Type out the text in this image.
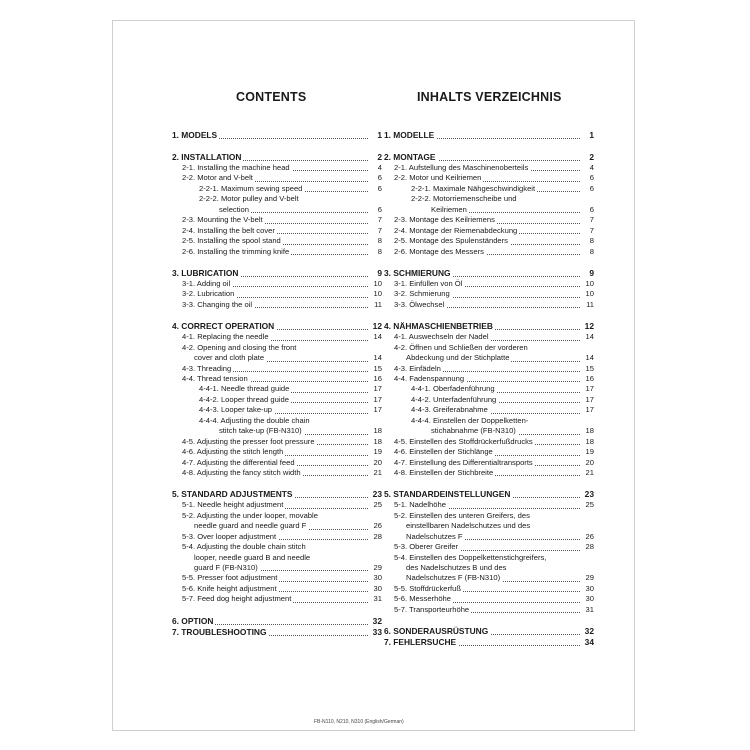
CONTENTS	INHALTS VERZEICHNIS
1. MODELS	1
2. INSTALLATION	2
2-1. Installing the machine head	4
2-2. Motor and V-belt	6
2-2-1. Maximum sewing speed	6
2-2-2. Motor pulley and V-belt
selection	6
2-3. Mounting the V-belt	7
2-4. Installing the belt cover	7
2-5. Installing the spool stand	8
2-6. Installing the trimming knife	8
3. LUBRICATION	9
3-1. Adding oil	10
3-2. Lubrication	10
3-3. Changing the oil	11
4. CORRECT OPERATION	12
4-1. Replacing the needle	14
4-2. Opening and closing the front
cover and cloth plate	14
4-3. Threading	15
4-4. Thread tension	16
4-4-1. Needle thread guide	17
4-4-2. Looper thread guide	17
4-4-3. Looper take-up	17
4-4-4. Adjusting the double chain
stitch take-up (FB-N310)	18
4-5. Adjusting the presser foot pressure	18
4-6. Adjusting the stitch length	19
4-7. Adjusting the differential feed	20
4-8. Adjusting the fancy stitch width	21
5. STANDARD ADJUSTMENTS	23
5-1. Needle height adjustment	25
5-2. Adjusting the under looper, movable
needle guard and needle guard F	26
5-3. Over looper adjustment	28
5-4. Adjusting the double chain stitch
looper, needle guard B and needle
guard F (FB-N310)	29
5-5. Presser foot adjustment	30
5-6. Knife height adjustment	30
5-7. Feed dog height adjustment	31
6. OPTION	32
7. TROUBLESHOOTING	33
1. MODELLE	1
2. MONTAGE	2
2-1. Aufstellung des Maschinenoberteils	4
2-2. Motor und Keilriemen	6
2-2-1. Maximale Nähgeschwindigkeit	6
2-2-2. Motorriemenscheibe und
Keilriemen	6
2-3. Montage des Keilriemens	7
2-4. Montage der Riemenabdeckung	7
2-5. Montage des Spulenständers	8
2-6. Montage des Messers	8
3. SCHMIERUNG	9
3-1. Einfüllen von Öl	10
3-2. Schmierung	10
3-3. Ölwechsel	11
4. NÄHMASCHIENBETRIEB	12
4-1. Auswechseln der Nadel	14
4-2. Öffnen und Schließen der vorderen
Abdeckung und der Stichplatte	14
4-3. Einfädeln	15
4-4. Fadenspannung	16
4-4-1. Oberfadenführung	17
4-4-2. Unterfadenführung	17
4-4-3. Greiferabnahme	17
4-4-4. Einstellen der Doppelketten-
stichabnahme (FB-N310)	18
4-5. Einstellen des Stoffdrückerfußdrucks	18
4-6. Einstellen der Stichlänge	19
4-7. Einstellung des Differentialtransports	20
4-8. Einstellen der Stichbreite	21
5. STANDARDEINSTELLUNGEN	23
5-1. Nadelhöhe	25
5-2. Einstellen des unteren Greifers, des
einstellbaren Nadelschutzes und des
Nadelschutzes F	26
5-3. Oberer Greifer	28
5-4. Einstellen des Doppelkettenstichgreifers,
des Nadelschutzes B und des
Nadelschutzes F (FB-N310)	29
5-5. Stoffdrückerfuß	30
5-6. Messerhöhe	30
5-7. Transporteurhöhe	31
6. SONDERAUSRÜSTUNG	32
7. FEHLERSUCHE	34
FB-N110, N210, N310 (English/German)
